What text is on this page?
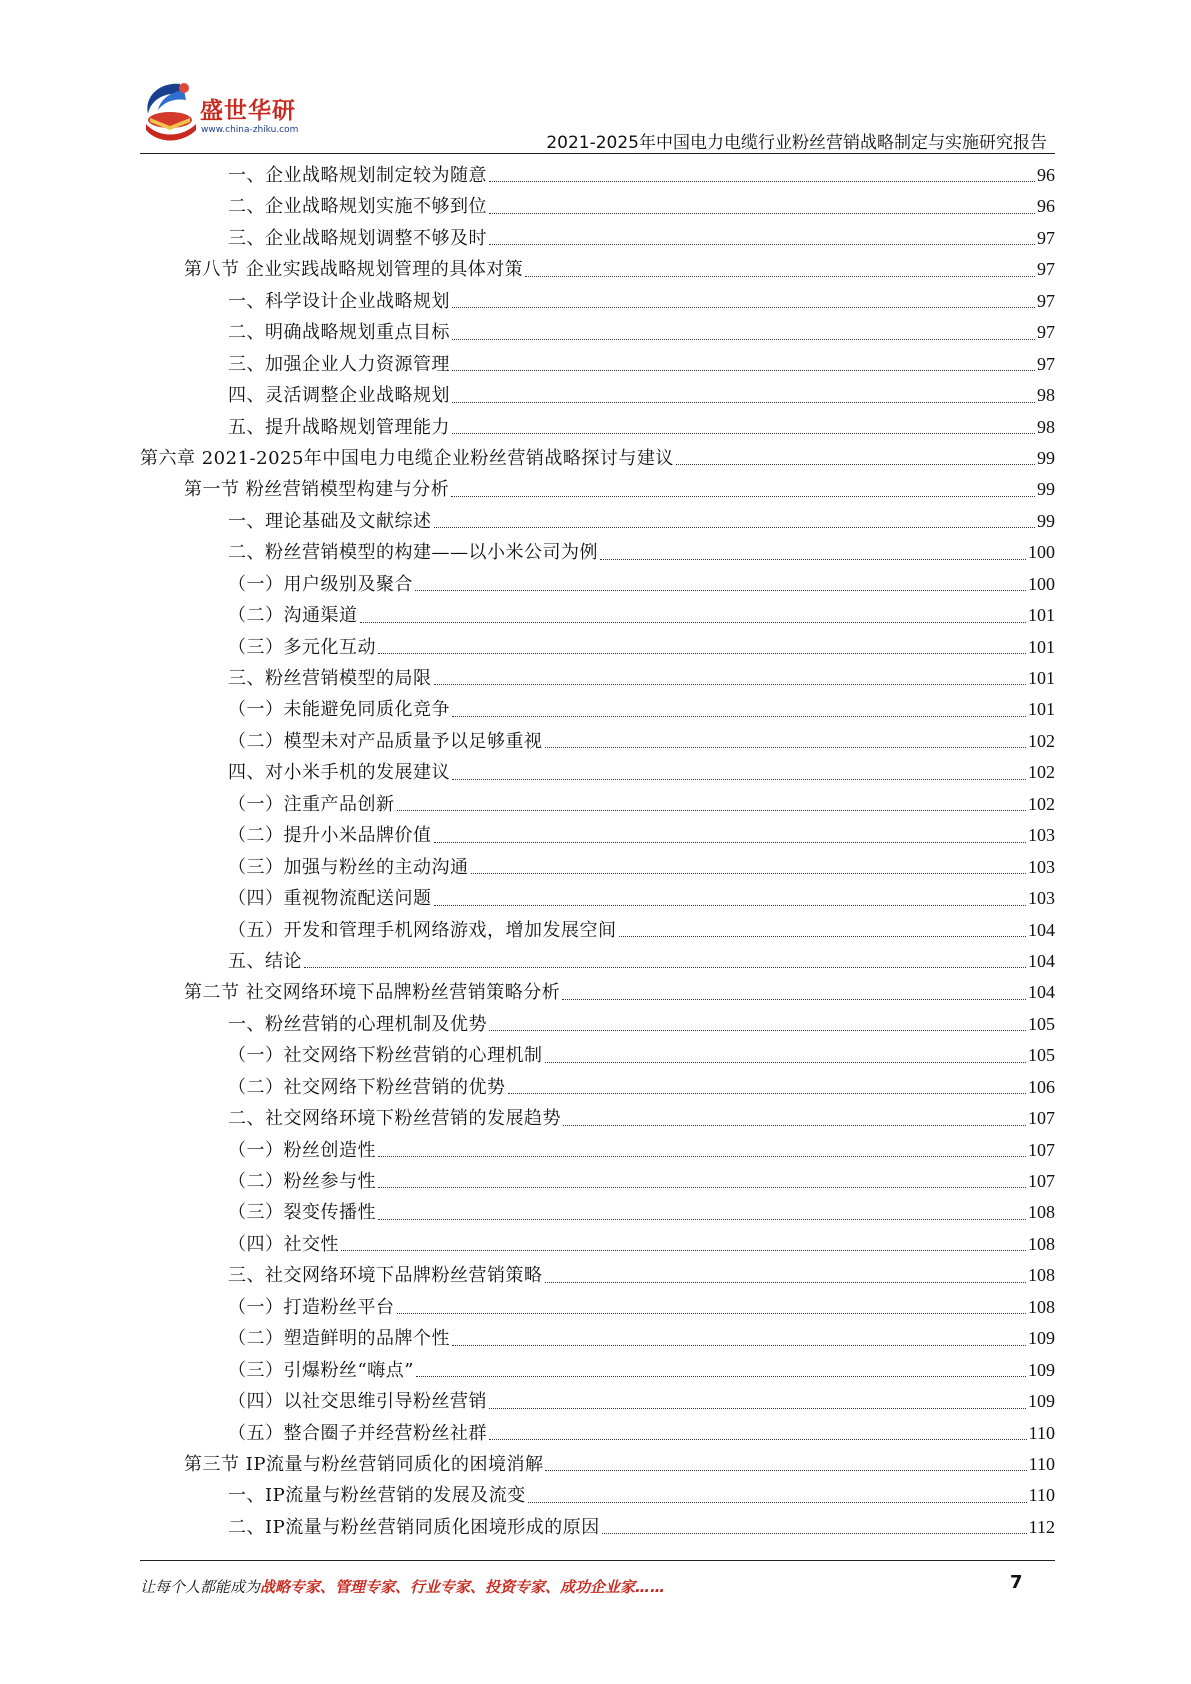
盛世华研
www.china-zhiku.com
2021-2025年中国电力电缆行业粉丝营销战略制定与实施研究报告
一、企业战略规划制定较为随意	96
二、企业战略规划实施不够到位	96
三、企业战略规划调整不够及时	97
第八节 企业实践战略规划管理的具体对策	97
一、科学设计企业战略规划	97
二、明确战略规划重点目标	97
三、加强企业人力资源管理	97
四、灵活调整企业战略规划	98
五、提升战略规划管理能力	98
第六章 2021-2025年中国电力电缆企业粉丝营销战略探讨与建议	99
第一节 粉丝营销模型构建与分析	99
一、理论基础及文献综述	99
二、粉丝营销模型的构建——以小米公司为例	100
（一）用户级别及聚合	100
（二）沟通渠道	101
（三）多元化互动	101
三、粉丝营销模型的局限	101
（一）未能避免同质化竞争	101
（二）模型未对产品质量予以足够重视	102
四、对小米手机的发展建议	102
（一）注重产品创新	102
（二）提升小米品牌价值	103
（三）加强与粉丝的主动沟通	103
（四）重视物流配送问题	103
（五）开发和管理手机网络游戏，增加发展空间	104
五、结论	104
第二节 社交网络环境下品牌粉丝营销策略分析	104
一、粉丝营销的心理机制及优势	105
（一）社交网络下粉丝营销的心理机制	105
（二）社交网络下粉丝营销的优势	106
二、社交网络环境下粉丝营销的发展趋势	107
（一）粉丝创造性	107
（二）粉丝参与性	107
（三）裂变传播性	108
（四）社交性	108
三、社交网络环境下品牌粉丝营销策略	108
（一）打造粉丝平台	108
（二）塑造鲜明的品牌个性	109
（三）引爆粉丝“嗨点”	109
（四）以社交思维引导粉丝营销	109
（五）整合圈子并经营粉丝社群	110
第三节 IP流量与粉丝营销同质化的困境消解	110
一、IP流量与粉丝营销的发展及流变	110
二、IP流量与粉丝营销同质化困境形成的原因	112
让每个人都能成为战略专家、管理专家、行业专家、投资专家、成功企业家……	7
